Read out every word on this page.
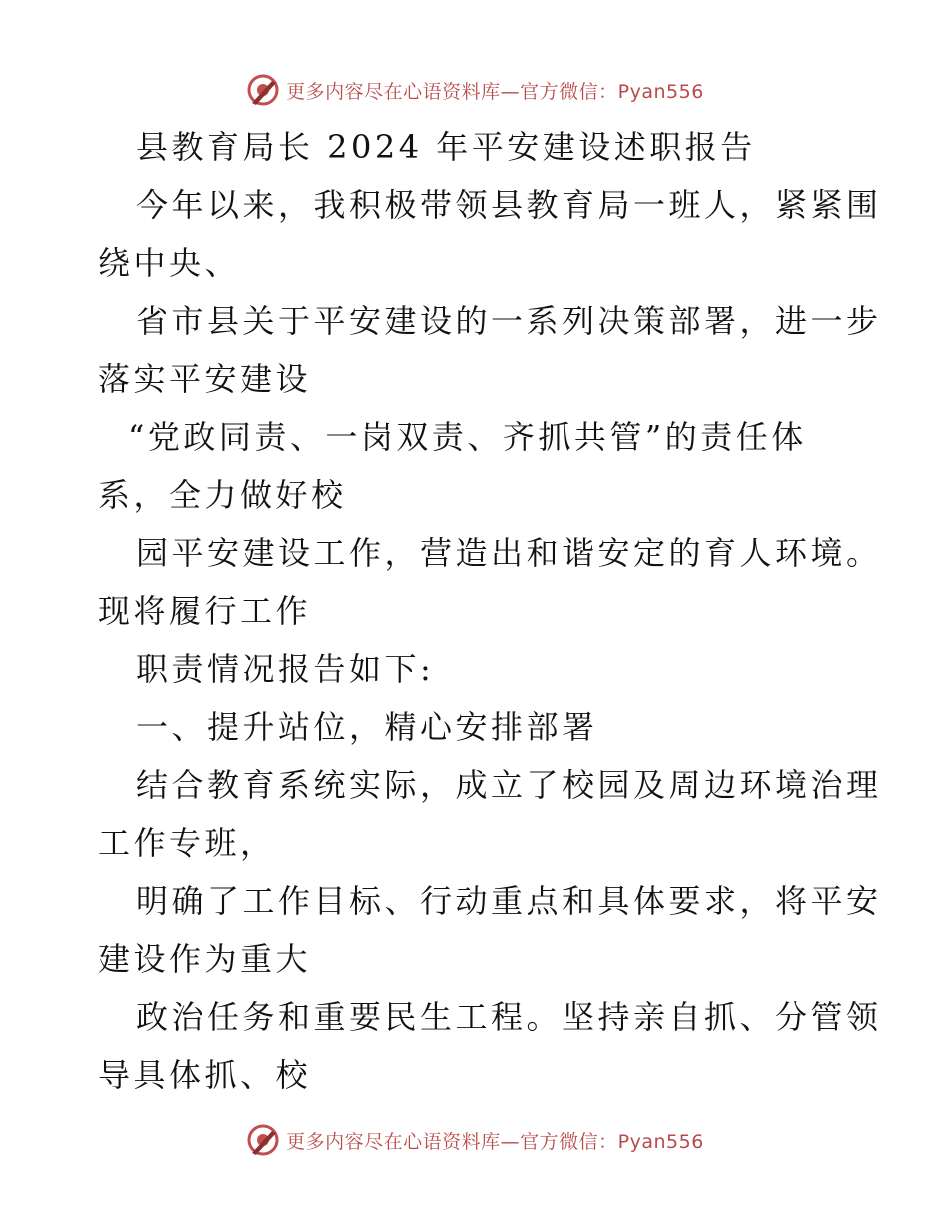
更多内容尽在心语资料库—官方微信：Pyan556
县教育局长 2024 年平安建设述职报告
今年以来，我积极带领县教育局一班人，紧紧围
绕中央、
省市县关于平安建设的一系列决策部署，进一步
落实平安建设
“党政同责、一岗双责、齐抓共管”的责任体
系，全力做好校
园平安建设工作，营造出和谐安定的育人环境。
现将履行工作
职责情况报告如下:
一、提升站位，精心安排部署
结合教育系统实际，成立了校园及周边环境治理
工作专班，
明确了工作目标、行动重点和具体要求，将平安
建设作为重大
政治任务和重要民生工程。坚持亲自抓、分管领
导具体抓、校
更多内容尽在心语资料库—官方微信：Pyan556
